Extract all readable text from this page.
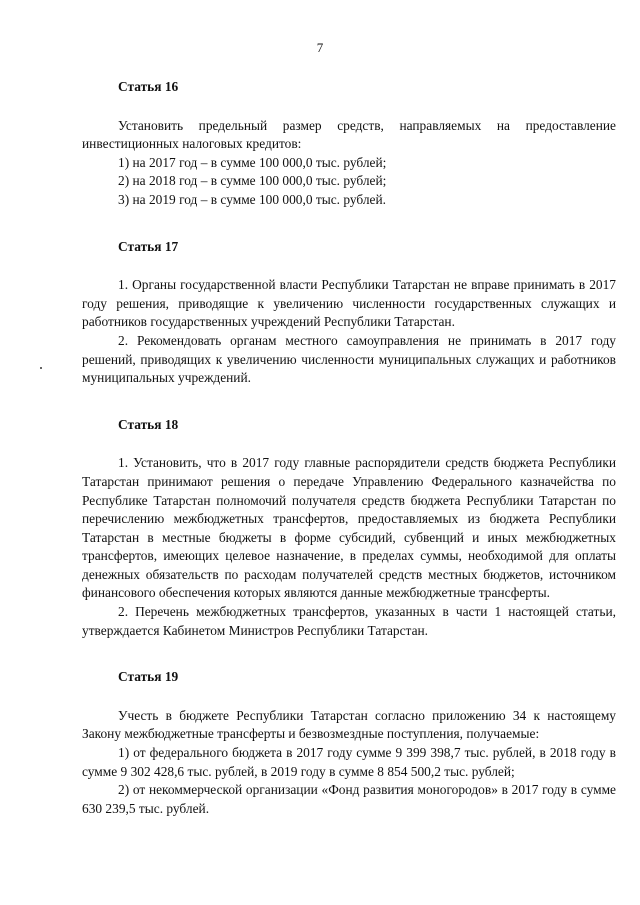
7

Статья 16

Установить предельный размер средств, направляемых на предоставление инвестиционных налоговых кредитов:

1) на 2017 год – в сумме 100 000,0 тыс. рублей;

2) на 2018 год – в сумме 100 000,0 тыс. рублей;

3) на 2019 год – в сумме 100 000,0 тыс. рублей.

Статья 17

1. Органы государственной власти Республики Татарстан не вправе принимать в 2017 году решения, приводящие к увеличению численности государственных служащих и работников государственных учреждений Республики Татарстан.

2. Рекомендовать органам местного самоуправления не принимать в 2017 году решений, приводящих к увеличению численности муниципальных служащих и работников муниципальных учреждений.

Статья 18

1. Установить, что в 2017 году главные распорядители средств бюджета Республики Татарстан принимают решения о передаче Управлению Федерального казначейства по Республике Татарстан полномочий получателя средств бюджета Республики Татарстан по перечислению межбюджетных трансфертов, предоставляемых из бюджета Республики Татарстан в местные бюджеты в форме субсидий, субвенций и иных межбюджетных трансфертов, имеющих целевое назначение, в пределах суммы, необходимой для оплаты денежных обязательств по расходам получателей средств местных бюджетов, источником финансового обеспечения которых являются данные межбюджетные трансферты.

2. Перечень межбюджетных трансфертов, указанных в части 1 настоящей статьи, утверждается Кабинетом Министров Республики Татарстан.

Статья 19

Учесть в бюджете Республики Татарстан согласно приложению 34 к настоящему Закону межбюджетные трансферты и безвозмездные поступления, получаемые:

1) от федерального бюджета в 2017 году сумме 9 399 398,7 тыс. рублей, в 2018 году в сумме 9 302 428,6 тыс. рублей, в 2019 году в сумме 8 854 500,2 тыс. рублей;

2) от некоммерческой организации «Фонд развития моногородов» в 2017 году в сумме 630 239,5 тыс. рублей.
